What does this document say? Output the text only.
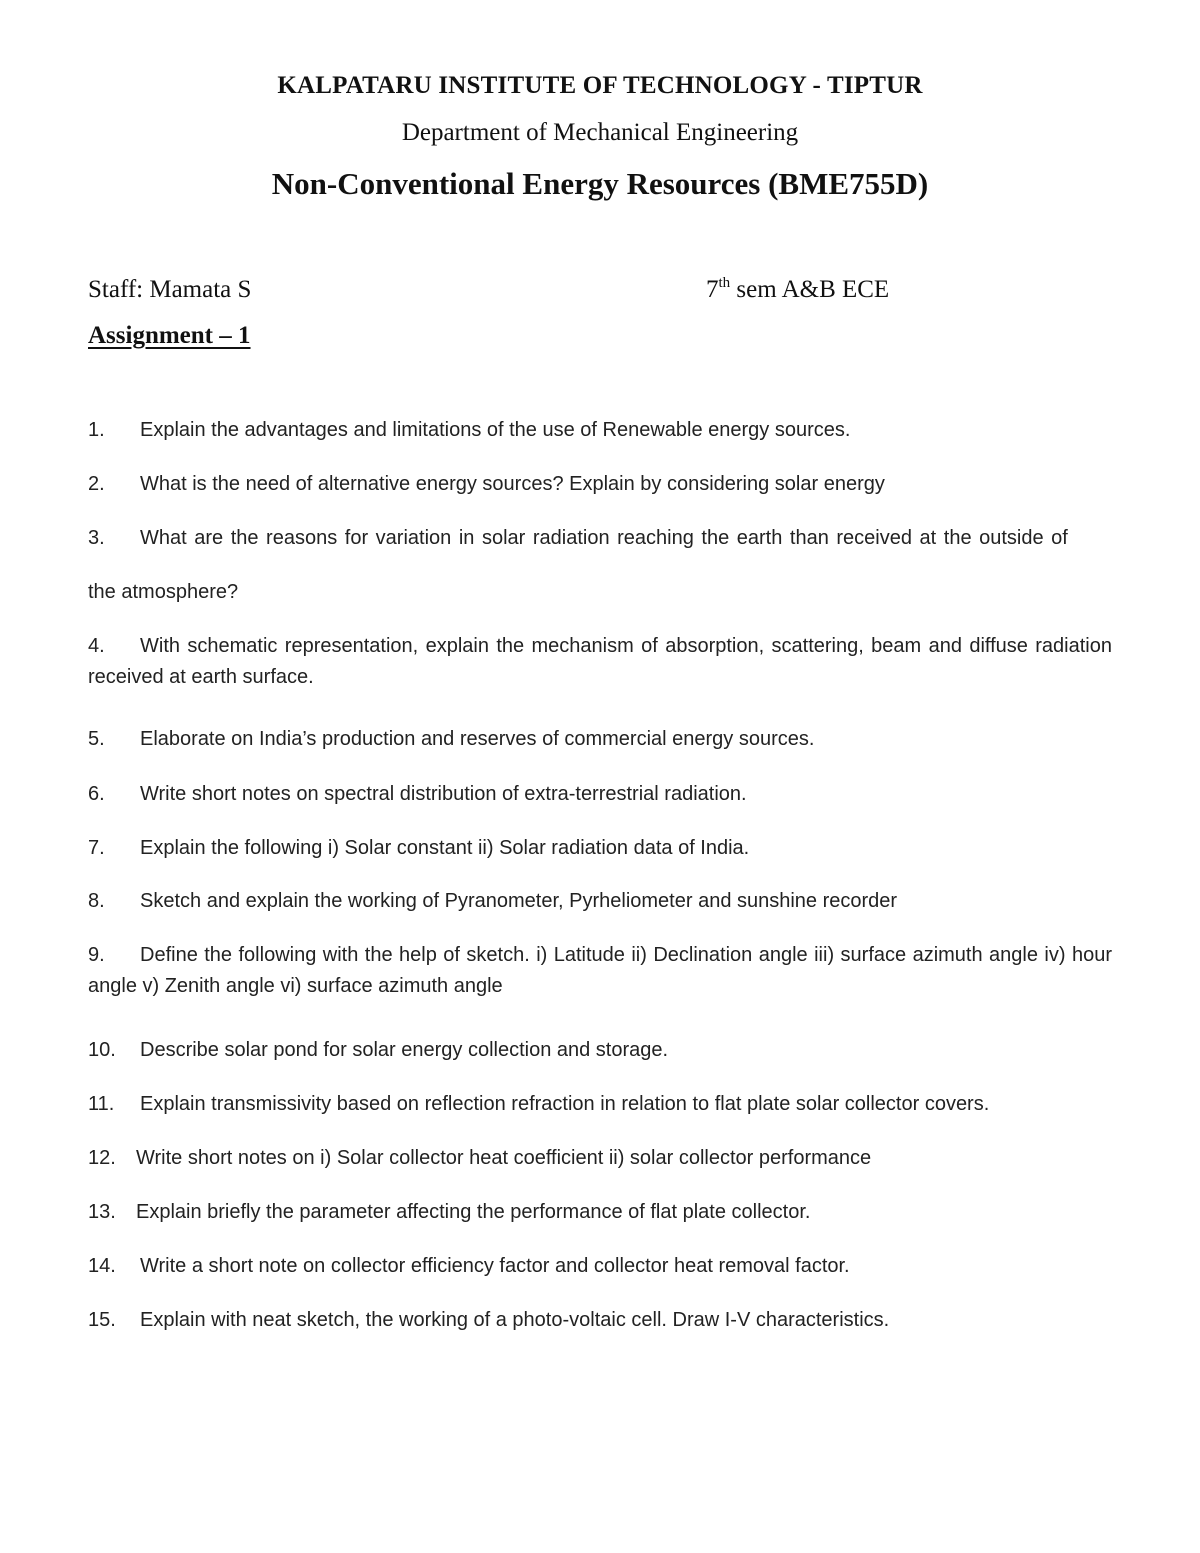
KALPATARU INSTITUTE OF TECHNOLOGY - TIPTUR
Department of Mechanical Engineering
Non-Conventional Energy Resources (BME755D)
Staff: Mamata S	7th sem A&B ECE
Assignment – 1
1. Explain the advantages and limitations of the use of Renewable energy sources.
2. What is the need of alternative energy sources? Explain by considering solar energy
3. What are the reasons for variation in solar radiation reaching the earth than received at the outside of
the atmosphere?
4. With schematic representation, explain the mechanism of absorption, scattering, beam and diffuse radiation received at earth surface.
5. Elaborate on India’s production and reserves of commercial energy sources.
6. Write short notes on spectral distribution of extra-terrestrial radiation.
7. Explain the following i) Solar constant ii) Solar radiation data of India.
8. Sketch and explain the working of Pyranometer, Pyrheliometer and sunshine recorder
9. Define the following with the help of sketch. i) Latitude ii) Declination angle iii) surface azimuth angle iv) hour angle v) Zenith angle vi) surface azimuth angle
10. Describe solar pond for solar energy collection and storage.
11. Explain transmissivity based on reflection refraction in relation to flat plate solar collector covers.
12. Write short notes on i) Solar collector heat coefficient ii) solar collector performance
13. Explain briefly the parameter affecting the performance of flat plate collector.
14. Write a short note on collector efficiency factor and collector heat removal factor.
15. Explain with neat sketch, the working of a photo-voltaic cell. Draw I-V characteristics.
